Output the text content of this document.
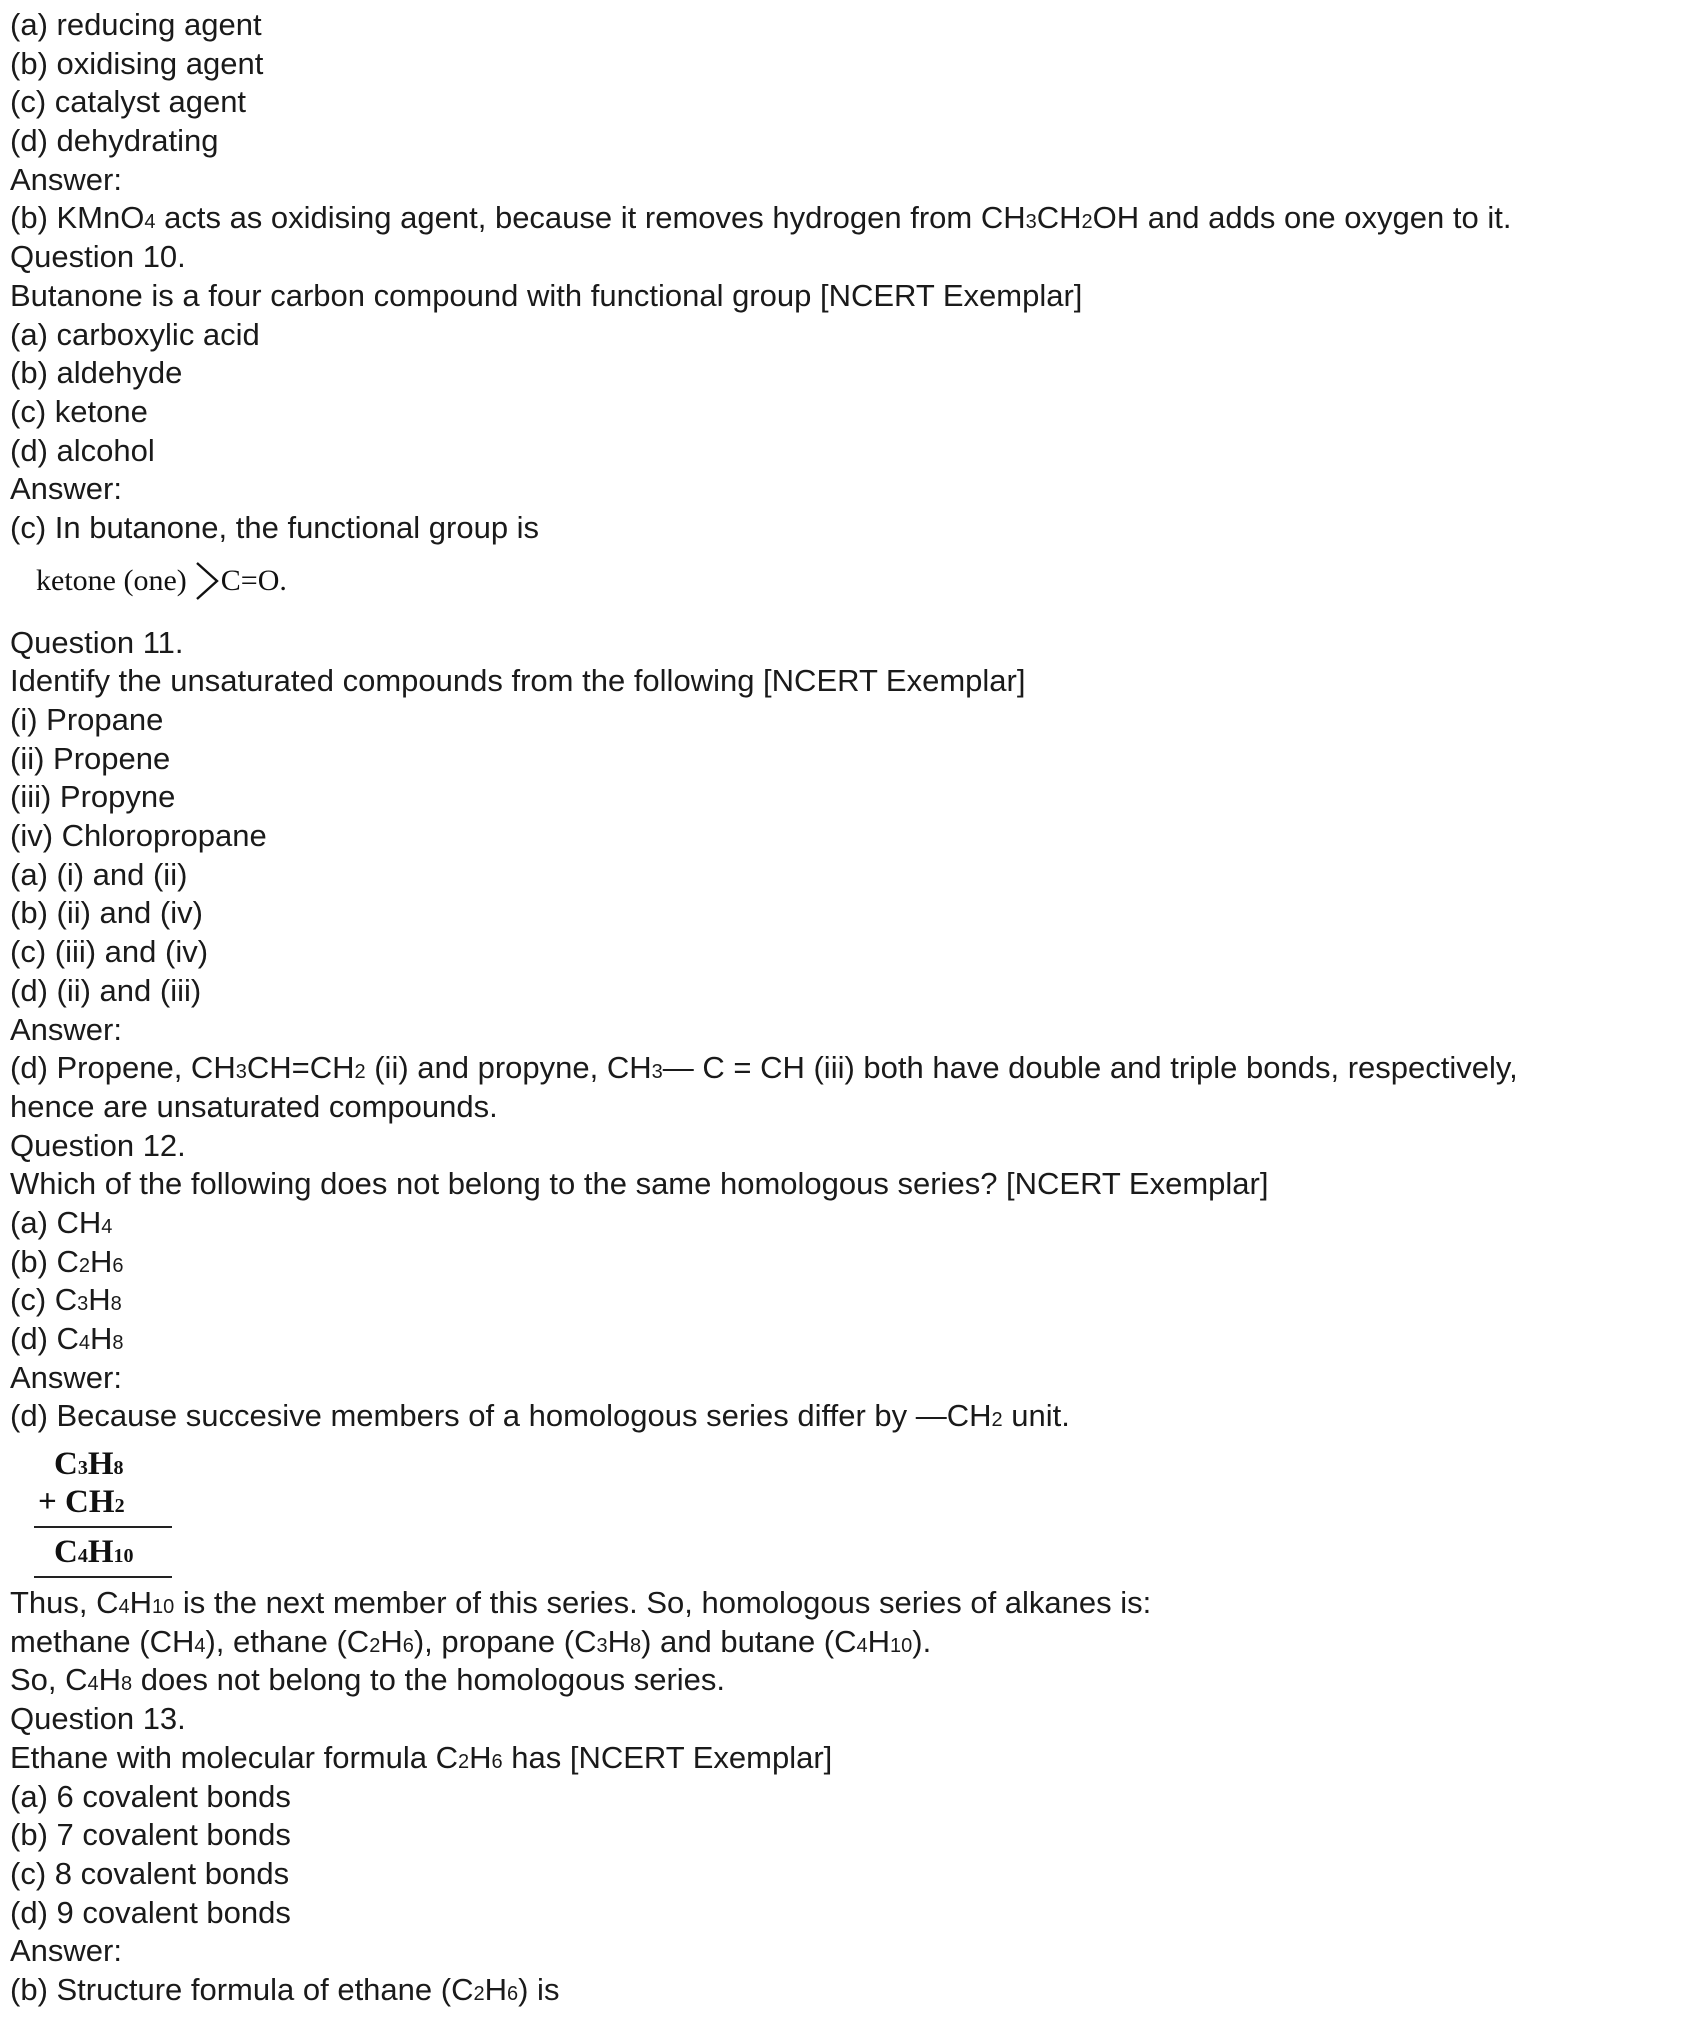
(a) reducing agent
(b) oxidising agent
(c) catalyst agent
(d) dehydrating
Answer:
(b) KMnO4 acts as oxidising agent, because it removes hydrogen from CH3CH2OH and adds one oxygen to it.
Question 10.
Butanone is a four carbon compound with functional group [NCERT Exemplar]
(a) carboxylic acid
(b) aldehyde
(c) ketone
(d) alcohol
Answer:
(c) In butanone, the functional group is
ketone (one) C=O.
Question 11.
Identify the unsaturated compounds from the following [NCERT Exemplar]
(i) Propane
(ii) Propene
(iii) Propyne
(iv) Chloropropane
(a) (i) and (ii)
(b) (ii) and (iv)
(c) (iii) and (iv)
(d) (ii) and (iii)
Answer:
(d) Propene, CH3CH=CH2 (ii) and propyne, CH3— C = CH (iii) both have double and triple bonds, respectively,
hence are unsaturated compounds.
Question 12.
Which of the following does not belong to the same homologous series? [NCERT Exemplar]
(a) CH4
(b) C2H6
(c) C3H8
(d) C4H8
Answer:
(d) Because succesive members of a homologous series differ by —CH2 unit.
C3H8
+ CH2
C4H10
Thus, C4H10 is the next member of this series. So, homologous series of alkanes is:
methane (CH4), ethane (C2H6), propane (C3H8) and butane (C4H10).
So, C4H8 does not belong to the homologous series.
Question 13.
Ethane with molecular formula C2H6 has [NCERT Exemplar]
(a) 6 covalent bonds
(b) 7 covalent bonds
(c) 8 covalent bonds
(d) 9 covalent bonds
Answer:
(b) Structure formula of ethane (C2H6) is
